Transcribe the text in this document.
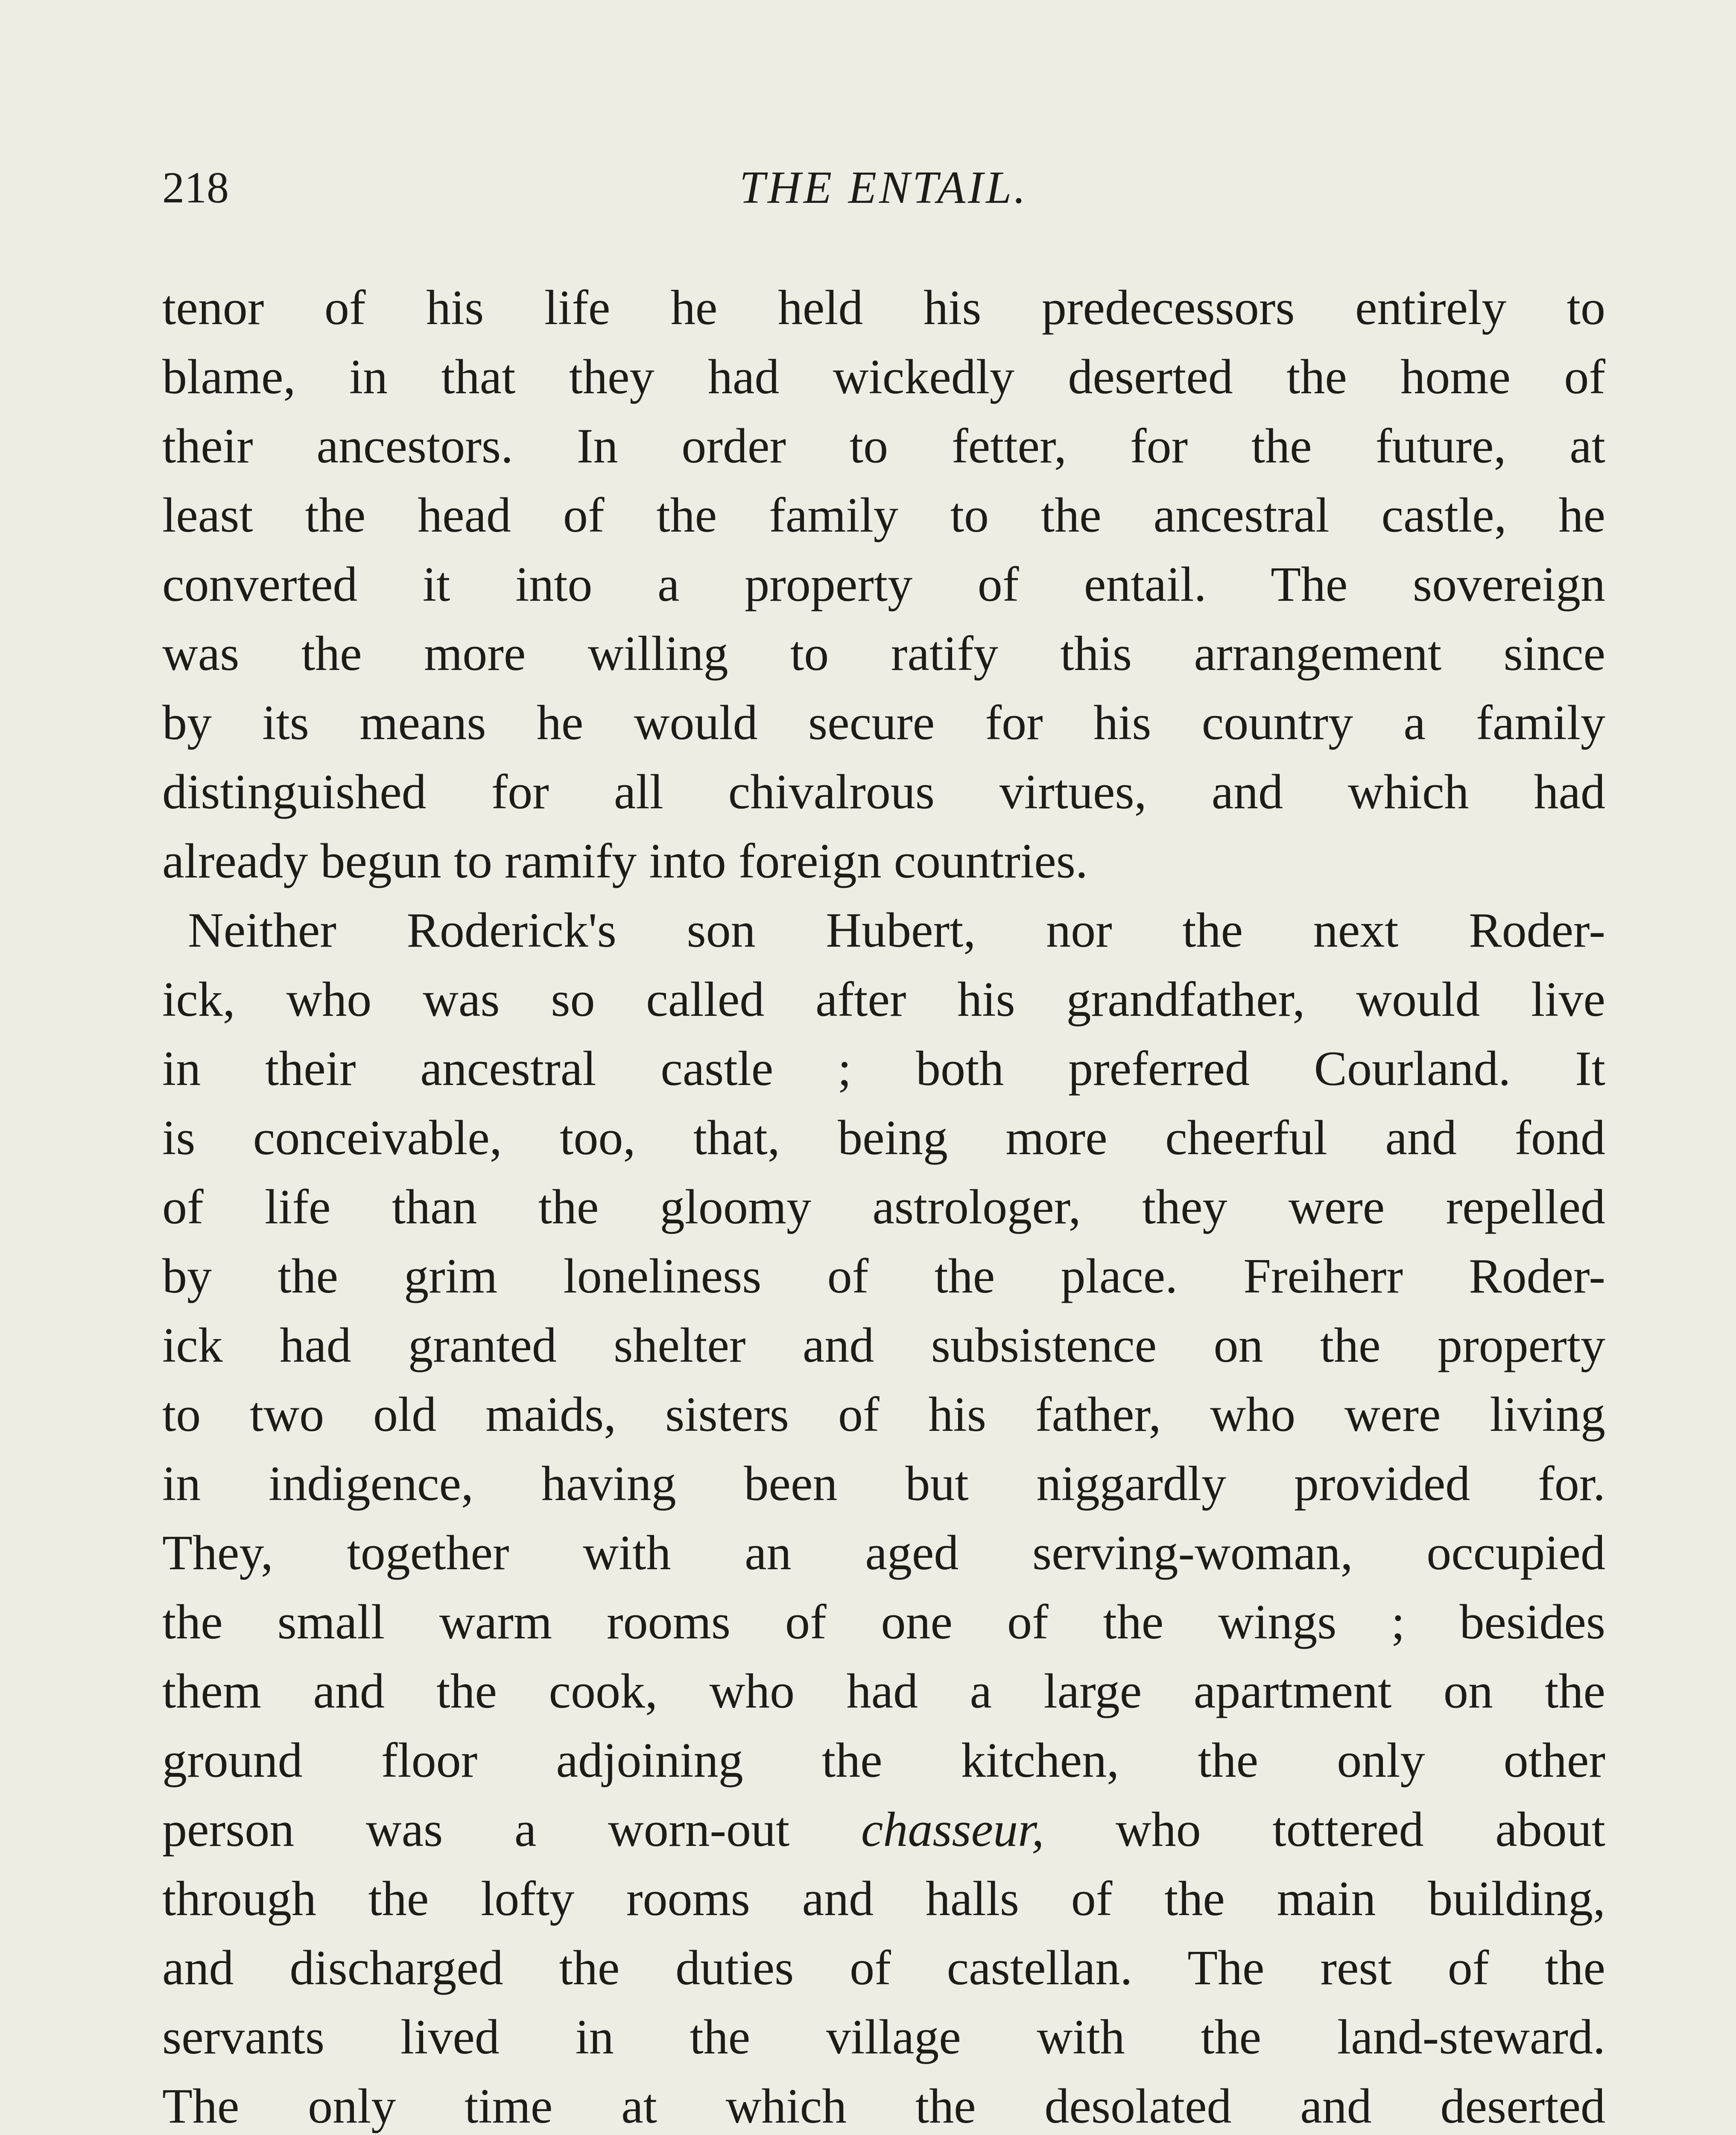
218	THE ENTAIL.
tenor of his life he held his predecessors entirely to
blame, in that they had wickedly deserted the home of
their ancestors. In order to fetter, for the future, at
least the head of the family to the ancestral castle, he
converted it into a property of entail. The sovereign
was the more willing to ratify this arrangement since
by its means he would secure for his country a family
distinguished for all chivalrous virtues, and which had
already begun to ramify into foreign countries.
Neither Roderick's son Hubert, nor the next Roder-
ick, who was so called after his grandfather, would live
in their ancestral castle ; both preferred Courland. It
is conceivable, too, that, being more cheerful and fond
of life than the gloomy astrologer, they were repelled
by the grim loneliness of the place. Freiherr Roder-
ick had granted shelter and subsistence on the property
to two old maids, sisters of his father, who were living
in indigence, having been but niggardly provided for.
They, together with an aged serving-woman, occupied
the small warm rooms of one of the wings ; besides
them and the cook, who had a large apartment on the
ground floor adjoining the kitchen, the only other
person was a worn-out chasseur, who tottered about
through the lofty rooms and halls of the main building,
and discharged the duties of castellan. The rest of the
servants lived in the village with the land-steward.
The only time at which the desolated and deserted
